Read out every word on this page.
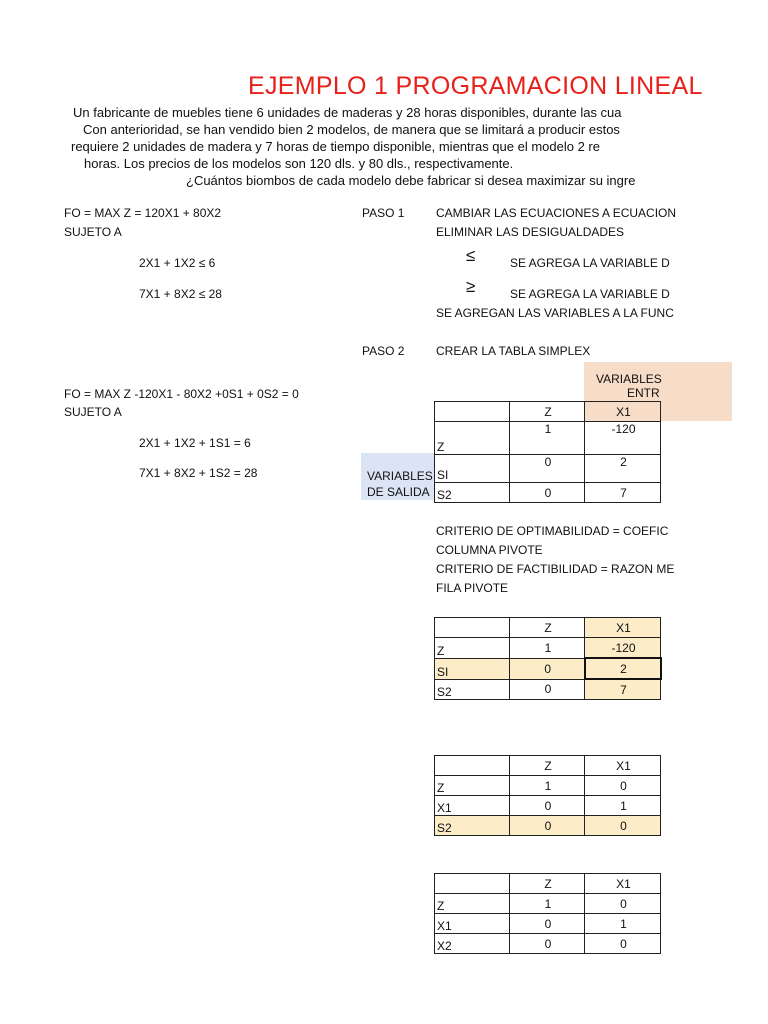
EJEMPLO 1 PROGRAMACION LINEAL
Un fabricante de muebles tiene 6 unidades de maderas y 28 horas disponibles, durante las cua
Con anterioridad, se han vendido bien 2 modelos, de manera que se limitará a producir estos
requiere 2 unidades de madera y 7 horas de tiempo disponible, mientras que el modelo 2 re
horas. Los precios de los modelos son 120 dls. y 80 dls., respectivamente.
¿Cuántos biombos de cada modelo debe fabricar si desea maximizar su ingre
FO = MAX Z = 120X1 + 80X2
SUJETO A
2X1 + 1X2 ≤ 6
7X1 + 8X2 ≤ 28
PASO 1	CAMBIAR LAS ECUACIONES A ECUACION
ELIMINAR LAS DESIGUALDADES
≤	SE AGREGA LA VARIABLE D
≥	SE AGREGA LA VARIABLE D
SE AGREGAN LAS VARIABLES A LA FUNC
PASO 2	CREAR LA TABLA SIMPLEX
FO = MAX Z -120X1 - 80X2 +0S1 + 0S2 = 0
SUJETO A
2X1 + 1X2 + 1S1 = 6
7X1 + 8X2 + 1S2 = 28
VARIABLES
ENTR
VARIABLES
DE SALIDA
	Z	X1
Z	1	-120
SI	0	2
S2	0	7
CRITERIO DE OPTIMABILIDAD = COEFIC
COLUMNA PIVOTE
CRITERIO DE FACTIBILIDAD = RAZON ME
FILA PIVOTE
	Z	X1
Z	1	-120
SI	0	2
S2	0	7
	Z	X1
Z	1	0
X1	0	1
S2	0	0
	Z	X1
Z	1	0
X1	0	1
X2	0	0
